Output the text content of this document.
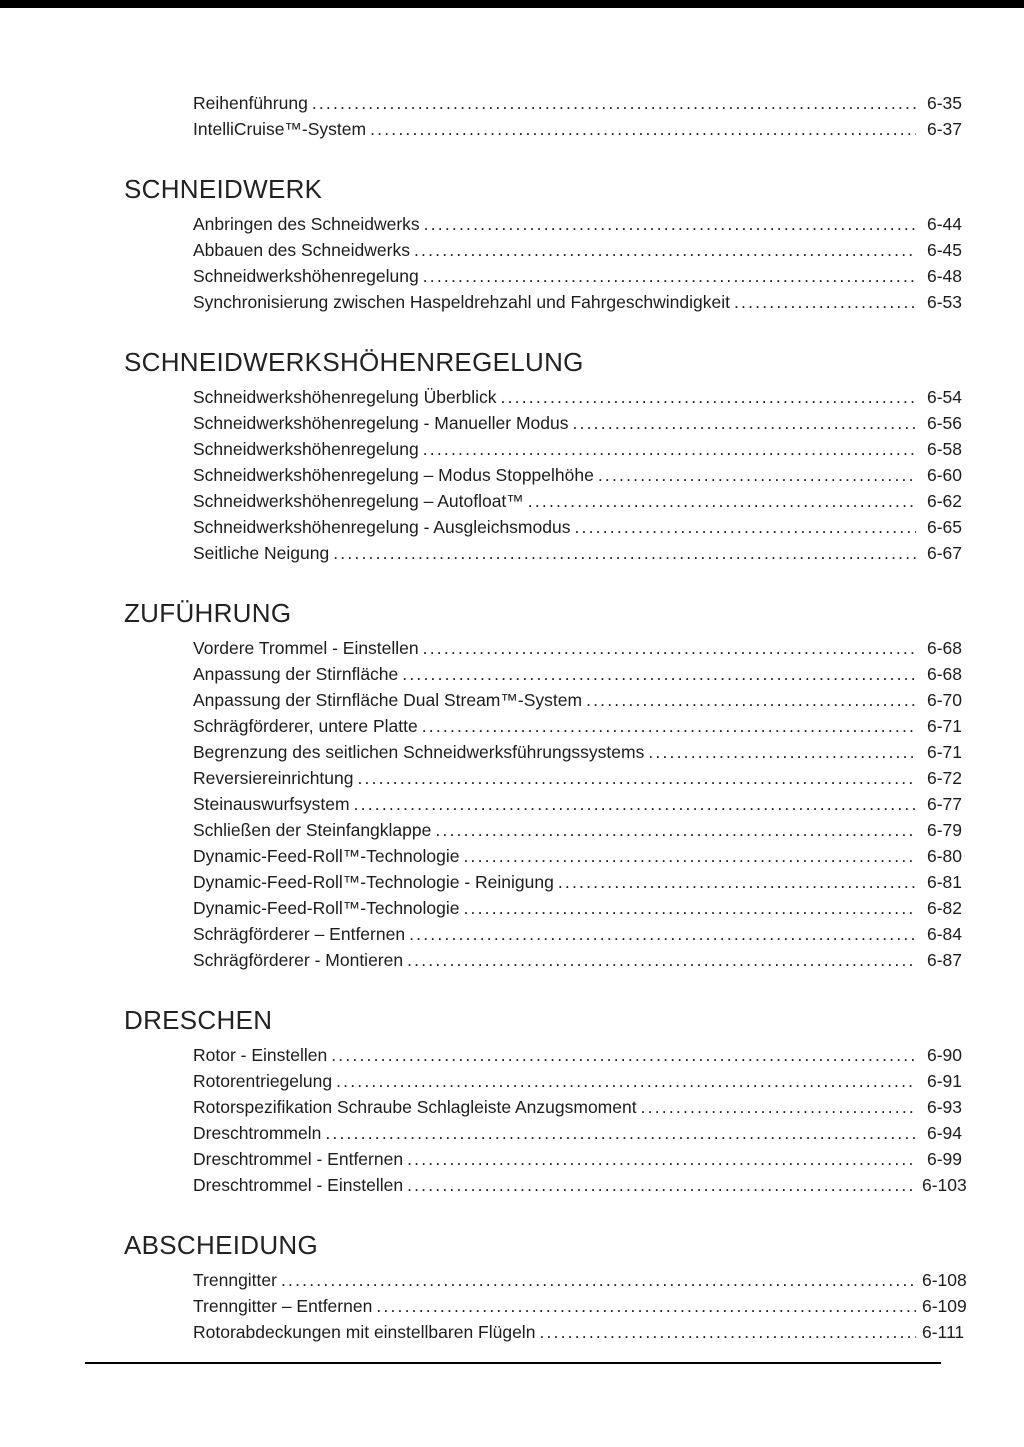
Reihenführung .....	6-35
IntelliCruise™-System .....	6-37
SCHNEIDWERK
Anbringen des Schneidwerks .....	6-44
Abbauen des Schneidwerks .....	6-45
Schneidwerkshöhenregelung .....	6-48
Synchronisierung zwischen Haspeldrehzahl und Fahrgeschwindigkeit .....	6-53
SCHNEIDWERKSHÖHENREGELUNG
Schneidwerkshöhenregelung Überblick .....	6-54
Schneidwerkshöhenregelung - Manueller Modus .....	6-56
Schneidwerkshöhenregelung .....	6-58
Schneidwerkshöhenregelung – Modus Stoppelhöhe .....	6-60
Schneidwerkshöhenregelung – Autofloat™ .....	6-62
Schneidwerkshöhenregelung - Ausgleichsmodus .....	6-65
Seitliche Neigung .....	6-67
ZUFÜHRUNG
Vordere Trommel - Einstellen .....	6-68
Anpassung der Stirnfläche .....	6-68
Anpassung der Stirnfläche Dual Stream™-System .....	6-70
Schrägförderer, untere Platte .....	6-71
Begrenzung des seitlichen Schneidwerksführungssystems .....	6-71
Reversiereinrichtung .....	6-72
Steinauswurfsystem .....	6-77
Schließen der Steinfangklappe .....	6-79
Dynamic-Feed-Roll™-Technologie .....	6-80
Dynamic-Feed-Roll™-Technologie - Reinigung .....	6-81
Dynamic-Feed-Roll™-Technologie .....	6-82
Schrägförderer – Entfernen .....	6-84
Schrägförderer - Montieren .....	6-87
DRESCHEN
Rotor - Einstellen .....	6-90
Rotorentriegelung .....	6-91
Rotorspezifikation Schraube Schlagleiste Anzugsmoment .....	6-93
Dreschtrommeln .....	6-94
Dreschtrommel - Entfernen .....	6-99
Dreschtrommel - Einstellen .....	6-103
ABSCHEIDUNG
Trenngitter .....	6-108
Trenngitter – Entfernen .....	6-109
Rotorabdeckungen mit einstellbaren Flügeln .....	6-111
